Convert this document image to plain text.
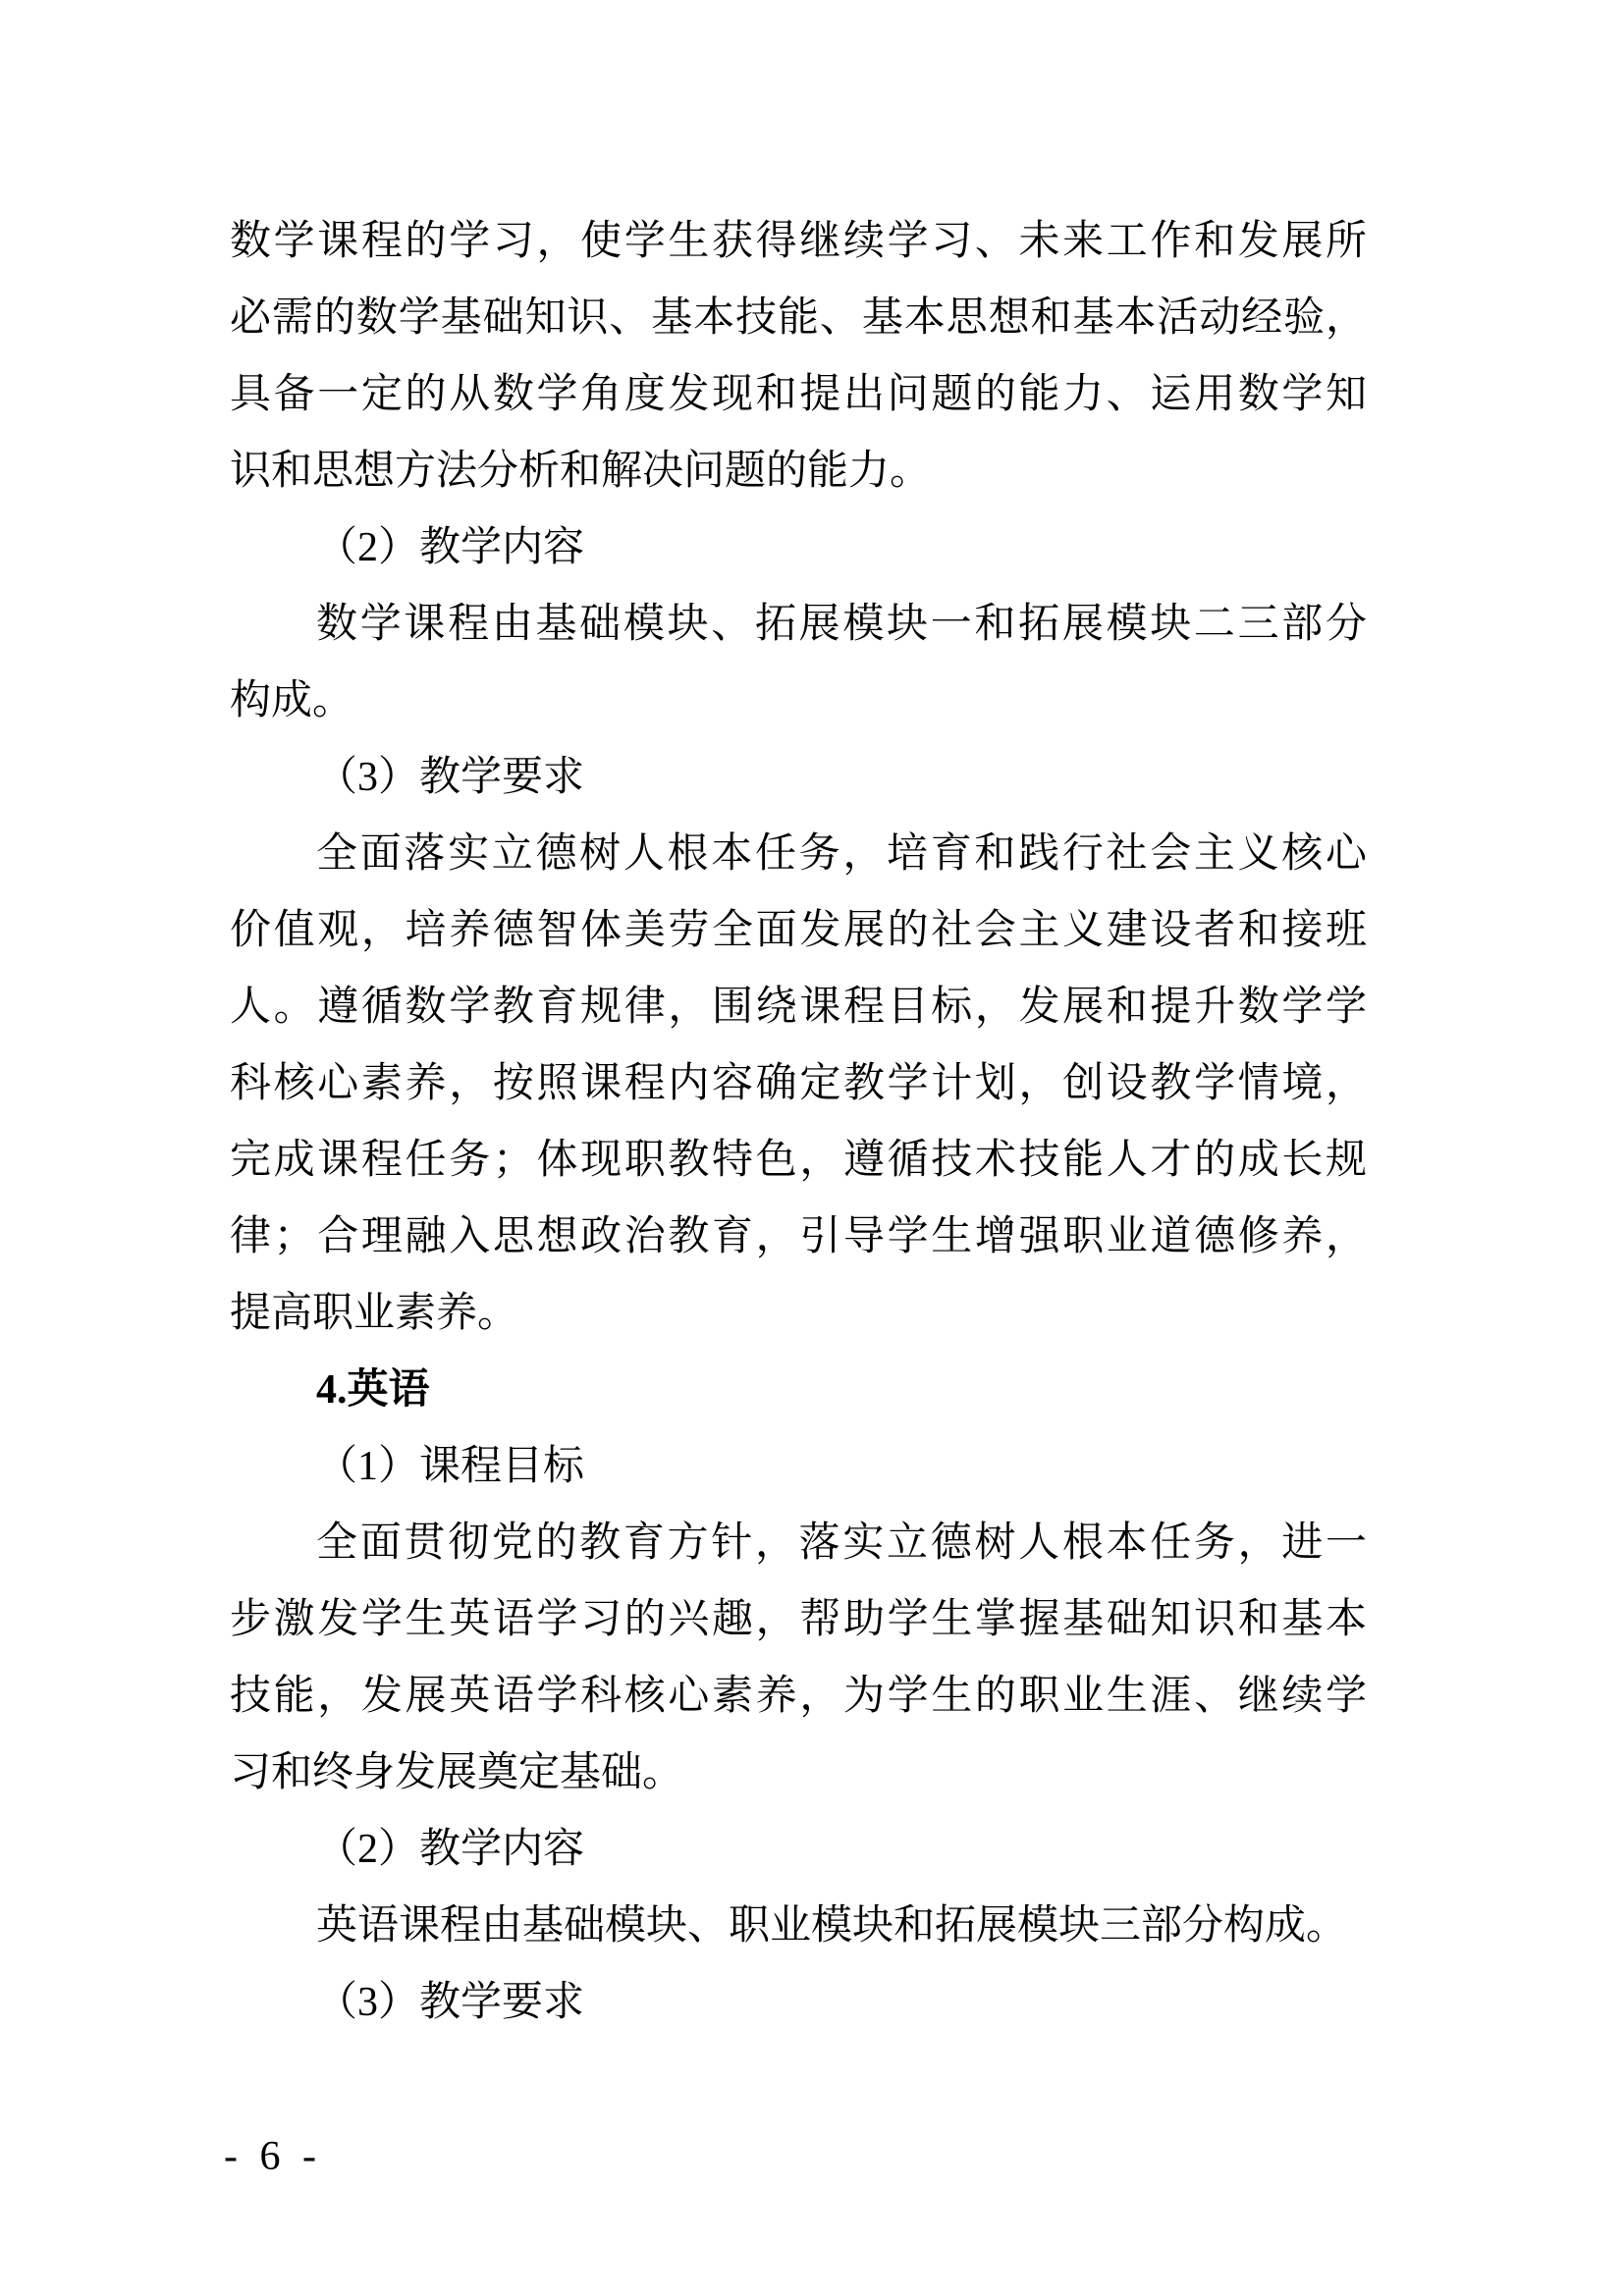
数学课程的学习，使学生获得继续学习、未来工作和发展所
必需的数学基础知识、基本技能、基本思想和基本活动经验，
具备一定的从数学角度发现和提出问题的能力、运用数学知
识和思想方法分析和解决问题的能力。
（2）教学内容
数学课程由基础模块、拓展模块一和拓展模块二三部分
构成。
（3）教学要求
全面落实立德树人根本任务，培育和践行社会主义核心
价值观，培养德智体美劳全面发展的社会主义建设者和接班
人。遵循数学教育规律，围绕课程目标，发展和提升数学学
科核心素养，按照课程内容确定教学计划，创设教学情境，
完成课程任务；体现职教特色，遵循技术技能人才的成长规
律；合理融入思想政治教育，引导学生增强职业道德修养，
提高职业素养。
4.英语
（1）课程目标
全面贯彻党的教育方针，落实立德树人根本任务，进一
步激发学生英语学习的兴趣，帮助学生掌握基础知识和基本
技能，发展英语学科核心素养，为学生的职业生涯、继续学
习和终身发展奠定基础。
（2）教学内容
英语课程由基础模块、职业模块和拓展模块三部分构成。
（3）教学要求
- 6 -
